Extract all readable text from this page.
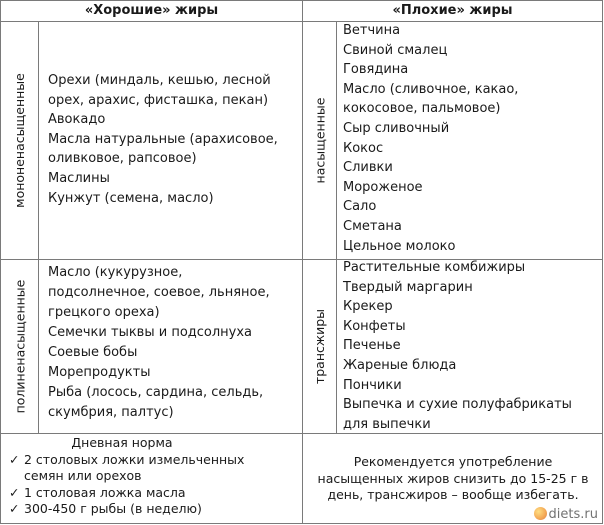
«Хорошие» жиры	«Плохие» жиры
мононенасыщенные Орехи (миндаль, кешью, лесной
орех, арахис, фисташка, пекан)
Авокадо
Масла натуральные (арахисовое,
оливковое, рапсовое)
Маслины
Кунжут (семена, масло)
насыщенные
Ветчина
Свиной смалец
Говядина
Масло (сливочное, какао,
кокосовое, пальмовое)
Сыр сливочный
Кокос
Сливки
Мороженое
Сало
Сметана
Цельное молоко
полиненасыщенные
Масло (кукурузное,
подсолнечное, соевое, льняное,
грецкого ореха)
Семечки тыквы и подсолнуха
Соевые бобы
Морепродукты
Рыба (лосось, сардина, сельдь,
скумбрия, палтус)
трансжиры
Растительные комбижиры
Твердый маргарин
Крекер
Конфеты
Печенье
Жареные блюда
Пончики
Выпечка и сухие полуфабрикаты
для выпечки
Дневная норма
✓ 2 столовых ложки измельченных
семян или орехов
✓ 1 столовая ложка масла
✓ 300-450 г рыбы (в неделю)
Рекомендуется употребление
насыщенных жиров снизить до 15-25 г в
день, трансжиров – вообще избегать.
diets.ru
